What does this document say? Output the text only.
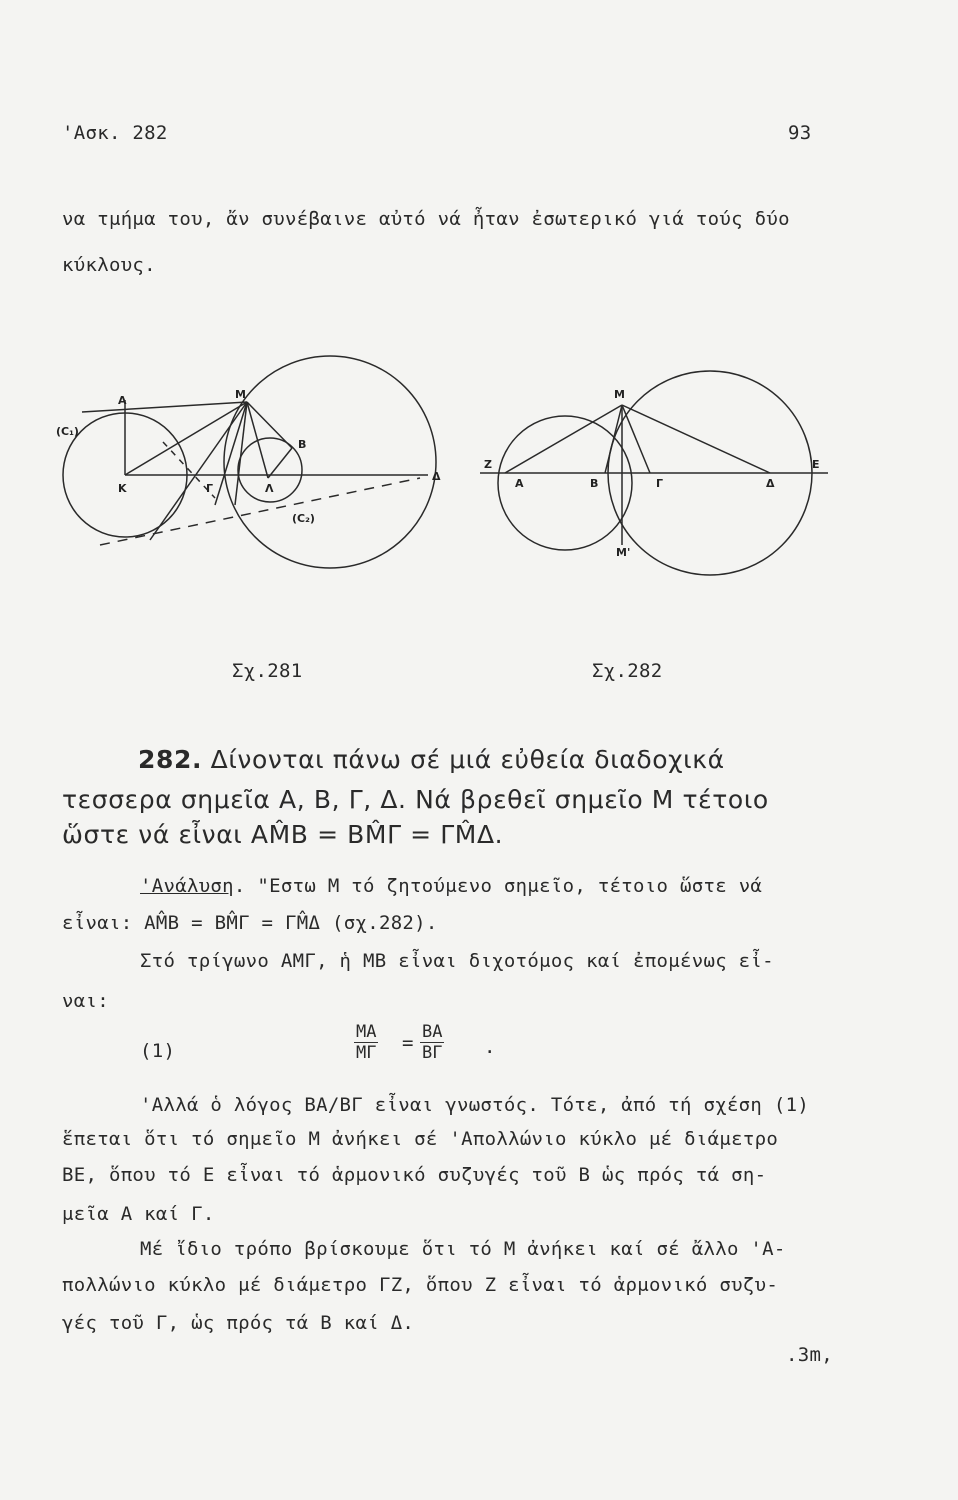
'Ασκ. 282	93
να τμήμα του, ἄν συνέβαινε αὐτό νά ἦταν ἐσωτερικό γιά τούς δύο
κύκλους.
A	M
(C₁)
B
K	Γ	Λ
Δ
(C₂)
M
Z
A	B	Γ	Δ
E
M'
Σχ.281	Σχ.282
282. Δίνονται πάνω σέ μιά εὐθεία διαδοχικά
τεσσερα σημεῖα A, B, Γ, Δ. Νά βρεθεῖ σημεῖο M τέτοιο
ὥστε νά εἶναι AM̂B = BM̂Γ = ΓM̂Δ.
'Ανάλυση. "Εστω M τό ζητούμενο σημεῖο, τέτοιο ὥστε νά
εἶναι: AM̂B = BM̂Γ = ΓM̂Δ (σχ.282).
Στό τρίγωνο AMΓ, ἡ MB εἶναι διχοτόμος καί ἐπομένως εἶ-
ναι:
(1)	$\frac{MA}{M\Gamma} = \frac{BA}{B\Gamma}$ .
'Αλλά ὁ λόγος BA/BΓ εἶναι γνωστός. Τότε, ἀπό τή σχέση (1)
ἕπεται ὅτι τό σημεῖο M ἀνήκει σέ 'Απολλώνιο κύκλο μέ διάμετρο
BE, ὅπου τό E εἶναι τό ἁρμονικό συζυγές τοῦ B ὡς πρός τά ση-
μεῖα A καί Γ.
Μέ ἴδιο τρόπο βρίσκουμε ὅτι τό M ἀνήκει καί σέ ἄλλο 'A-
πολλώνιο κύκλο μέ διάμετρο ΓZ, ὅπου Z εἶναι τό ἁρμονικό συζυ-
γές τοῦ Γ, ὡς πρός τά B καί Δ.
.3m,
